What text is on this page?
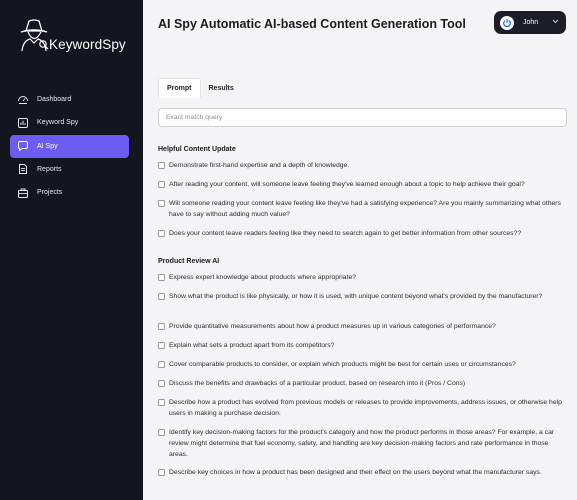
KeywordSpy
Dashboard
Keyword Spy
AI Spy
Reports
Projects
AI Spy Automatic AI-based Content Generation Tool	John
Prompt	Results
Exact match query
Helpful Content Update
Demonstrate first-hand expertise and a depth of knowledge.
After reading your content, will someone leave feeling they've learned enough about a topic to help achieve their goal?
Will someone reading your content leave feeling like they've had a satisfying experience? Are you mainly summarizing what others have to say without adding much value?
Does your content leave readers feeling like they need to search again to get better information from other sources??
Product Review AI
Express expert knowledge about products where appropriate?
Show what the product is like physically, or how it is used, with unique content beyond what's provided by the manufacturer?
Provide quantitative measurements about how a product measures up in various categories of performance?
Explain what sets a product apart from its competitors?
Cover comparable products to consider, or explain which products might be best for certain uses or circumstances?
Discuss the benefits and drawbacks of a particular product, based on research into it (Pros / Cons)
Describe how a product has evolved from previous models or releases to provide improvements, address issues, or otherwise help users in making a purchase decision.
Identify key decision-making factors for the product's category and how the product performs in those areas? For example, a car review might determine that fuel economy, safety, and handling are key decision-making factors and rate performance in those areas.
Describe key choices in how a product has been designed and their effect on the users beyond what the manufacturer says.
